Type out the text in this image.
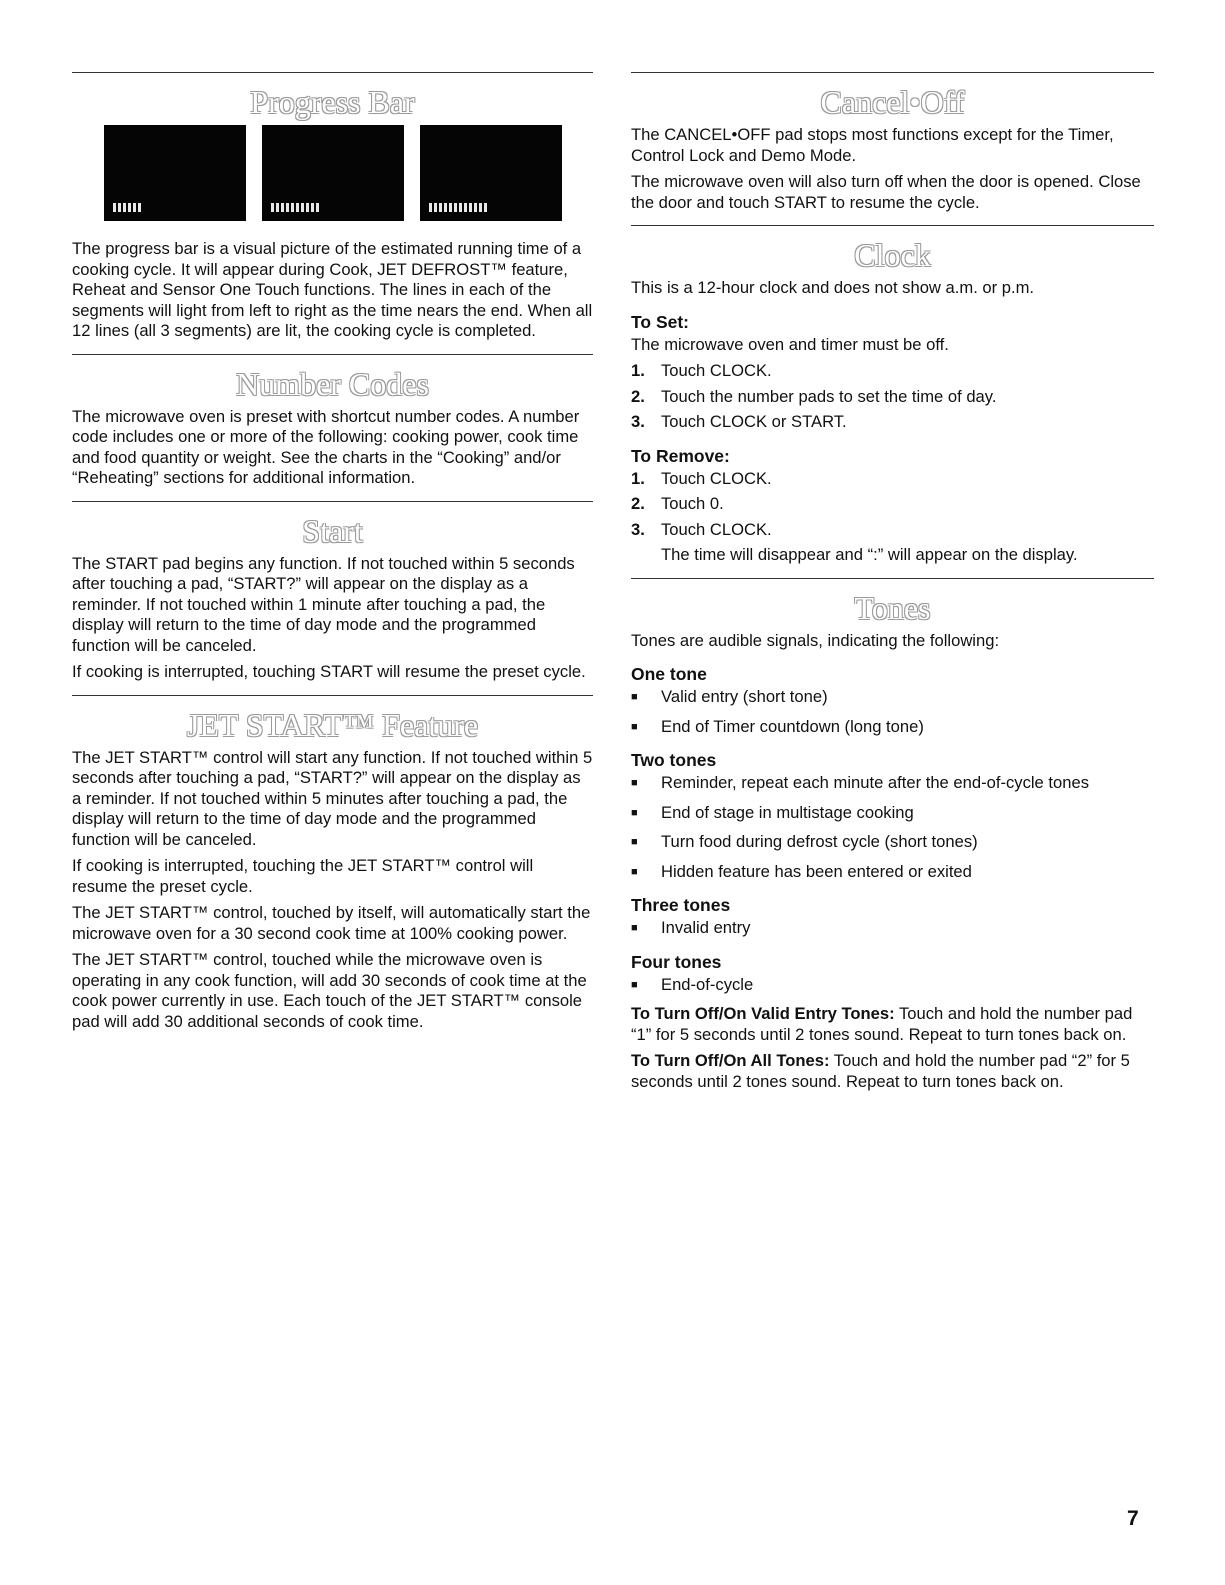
Progress Bar

The progress bar is a visual picture of the estimated running time of a cooking cycle. It will appear during Cook, JET DEFROST™ feature, Reheat and Sensor One Touch functions. The lines in each of the segments will light from left to right as the time nears the end. When all 12 lines (all 3 segments) are lit, the cooking cycle is completed.

Number Codes

The microwave oven is preset with shortcut number codes. A number code includes one or more of the following: cooking power, cook time and food quantity or weight. See the charts in the “Cooking” and/or “Reheating” sections for additional information.

Start

The START pad begins any function. If not touched within 5 seconds after touching a pad, “START?” will appear on the display as a reminder. If not touched within 1 minute after touching a pad, the display will return to the time of day mode and the programmed function will be canceled.

If cooking is interrupted, touching START will resume the preset cycle.

JET START™ Feature

The JET START™ control will start any function. If not touched within 5 seconds after touching a pad, “START?” will appear on the display as a reminder. If not touched within 5 minutes after touching a pad, the display will return to the time of day mode and the programmed function will be canceled.

If cooking is interrupted, touching the JET START™ control will resume the preset cycle.

The JET START™ control, touched by itself, will automatically start the microwave oven for a 30 second cook time at 100% cooking power.

The JET START™ control, touched while the microwave oven is operating in any cook function, will add 30 seconds of cook time at the cook power currently in use. Each touch of the JET START™ console pad will add 30 additional seconds of cook time.

Cancel•Off

The CANCEL•OFF pad stops most functions except for the Timer, Control Lock and Demo Mode.

The microwave oven will also turn off when the door is opened. Close the door and touch START to resume the cycle.

Clock

This is a 12-hour clock and does not show a.m. or p.m.

To Set:

The microwave oven and timer must be off.

1. Touch CLOCK.
2. Touch the number pads to set the time of day.
3. Touch CLOCK or START.
To Remove:
1. Touch CLOCK.
2. Touch 0.
3. Touch CLOCK.
The time will disappear and “:” will appear on the display.
Tones

Tones are audible signals, indicating the following:

One tone
■	Valid entry (short tone)
■	End of Timer countdown (long tone)
Two tones
■	Reminder, repeat each minute after the end-of-cycle tones
■	End of stage in multistage cooking
■	Turn food during defrost cycle (short tones)
■	Hidden feature has been entered or exited
Three tones
■	Invalid entry
Four tones
■	End-of-cycle

To Turn Off/On Valid Entry Tones: Touch and hold the number pad “1” for 5 seconds until 2 tones sound. Repeat to turn tones back on.

To Turn Off/On All Tones: Touch and hold the number pad “2” for 5 seconds until 2 tones sound. Repeat to turn tones back on.

7
